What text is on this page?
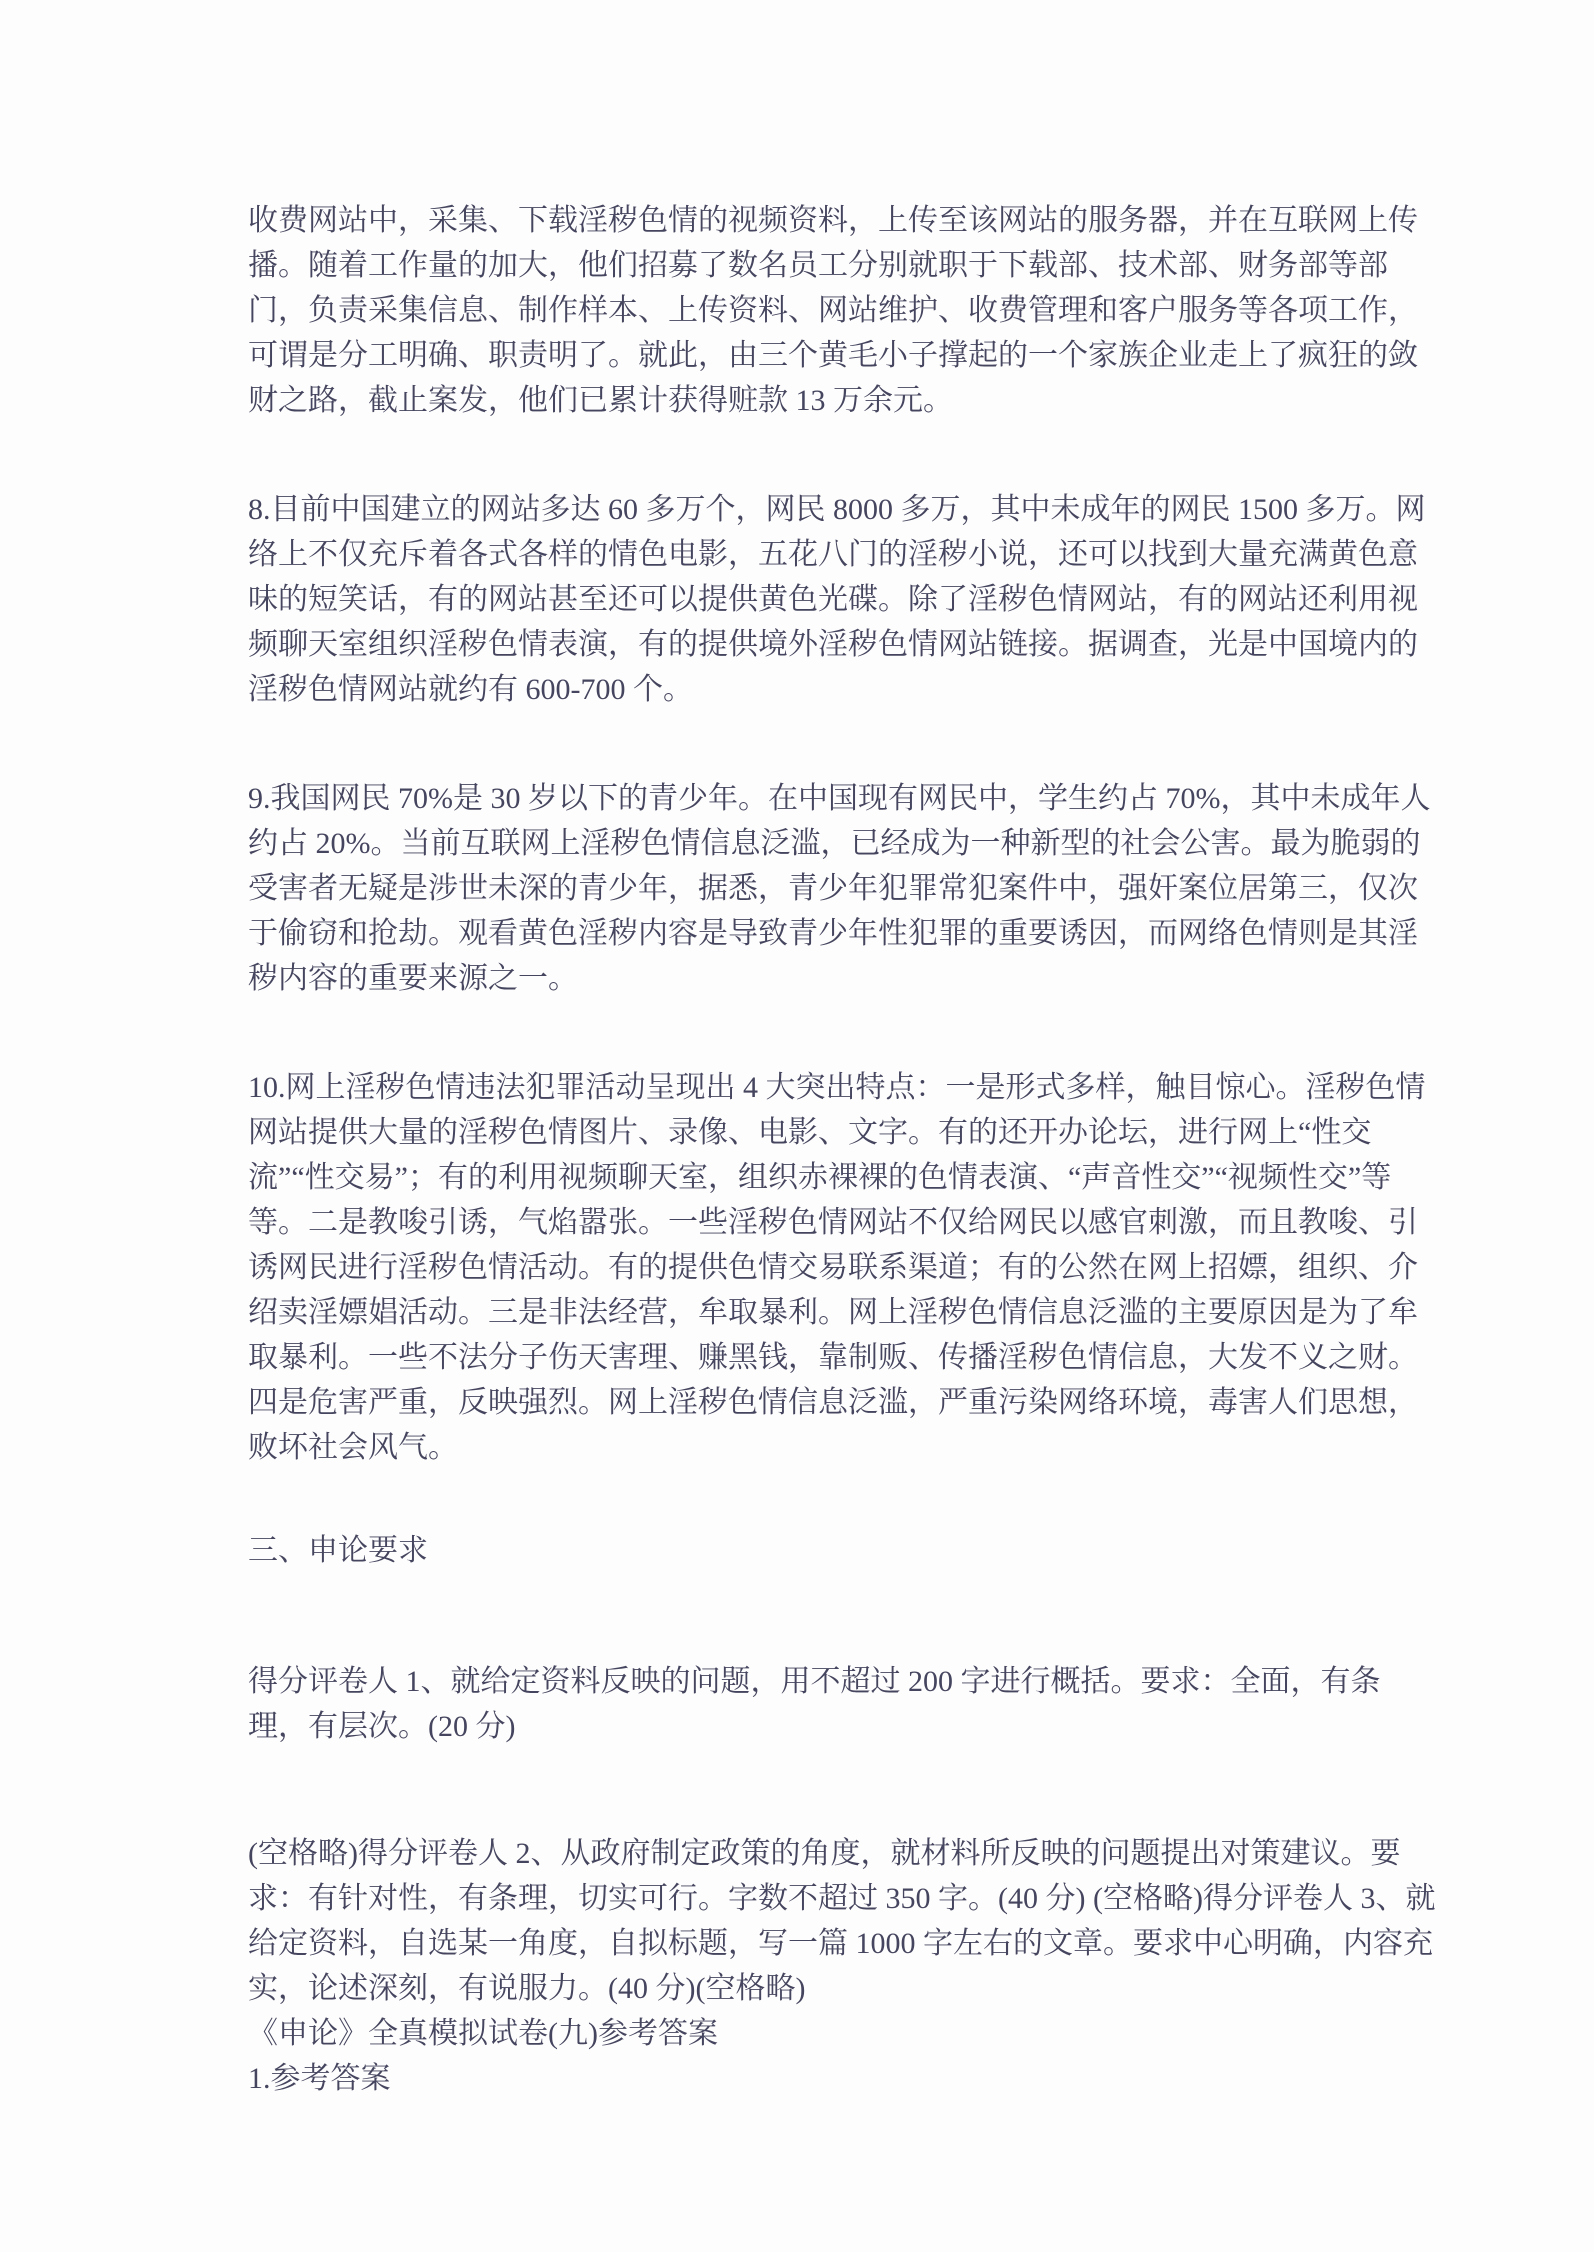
收费网站中，采集、下载淫秽色情的视频资料，上传至该网站的服务器，并在互联网上传播。随着工作量的加大，他们招募了数名员工分别就职于下载部、技术部、财务部等部门，负责采集信息、制作样本、上传资料、网站维护、收费管理和客户服务等各项工作，可谓是分工明确、职责明了。就此，由三个黄毛小子撑起的一个家族企业走上了疯狂的敛财之路，截止案发，他们已累计获得赃款 13 万余元。

8.目前中国建立的网站多达 60 多万个，网民 8000 多万，其中未成年的网民 1500 多万。网络上不仅充斥着各式各样的情色电影，五花八门的淫秽小说，还可以找到大量充满黄色意味的短笑话，有的网站甚至还可以提供黄色光碟。除了淫秽色情网站，有的网站还利用视频聊天室组织淫秽色情表演，有的提供境外淫秽色情网站链接。据调查，光是中国境内的淫秽色情网站就约有 600-700 个。

9.我国网民 70%是 30 岁以下的青少年。在中国现有网民中，学生约占 70%，其中未成年人约占 20%。当前互联网上淫秽色情信息泛滥，已经成为一种新型的社会公害。最为脆弱的受害者无疑是涉世未深的青少年，据悉，青少年犯罪常犯案件中，强奸案位居第三，仅次于偷窃和抢劫。观看黄色淫秽内容是导致青少年性犯罪的重要诱因，而网络色情则是其淫秽内容的重要来源之一。

10.网上淫秽色情违法犯罪活动呈现出 4 大突出特点：一是形式多样，触目惊心。淫秽色情网站提供大量的淫秽色情图片、录像、电影、文字。有的还开办论坛，进行网上“性交流”“性交易”；有的利用视频聊天室，组织赤裸裸的色情表演、“声音性交”“视频性交”等等。二是教唆引诱，气焰嚣张。一些淫秽色情网站不仅给网民以感官刺激，而且教唆、引诱网民进行淫秽色情活动。有的提供色情交易联系渠道；有的公然在网上招嫖，组织、介绍卖淫嫖娼活动。三是非法经营，牟取暴利。网上淫秽色情信息泛滥的主要原因是为了牟取暴利。一些不法分子伤天害理、赚黑钱，靠制贩、传播淫秽色情信息，大发不义之财。四是危害严重，反映强烈。网上淫秽色情信息泛滥，严重污染网络环境，毒害人们思想，败坏社会风气。

三、申论要求

得分评卷人 1、就给定资料反映的问题，用不超过 200 字进行概括。要求：全面，有条理，有层次。(20 分)

(空格略)得分评卷人 2、从政府制定政策的角度，就材料所反映的问题提出对策建议。要求：有针对性，有条理，切实可行。字数不超过 350 字。(40 分) (空格略)得分评卷人 3、就给定资料，自选某一角度，自拟标题，写一篇 1000 字左右的文章。要求中心明确，内容充实，论述深刻，有说服力。(40 分)(空格略)

《申论》全真模拟试卷(九)参考答案

1.参考答案
